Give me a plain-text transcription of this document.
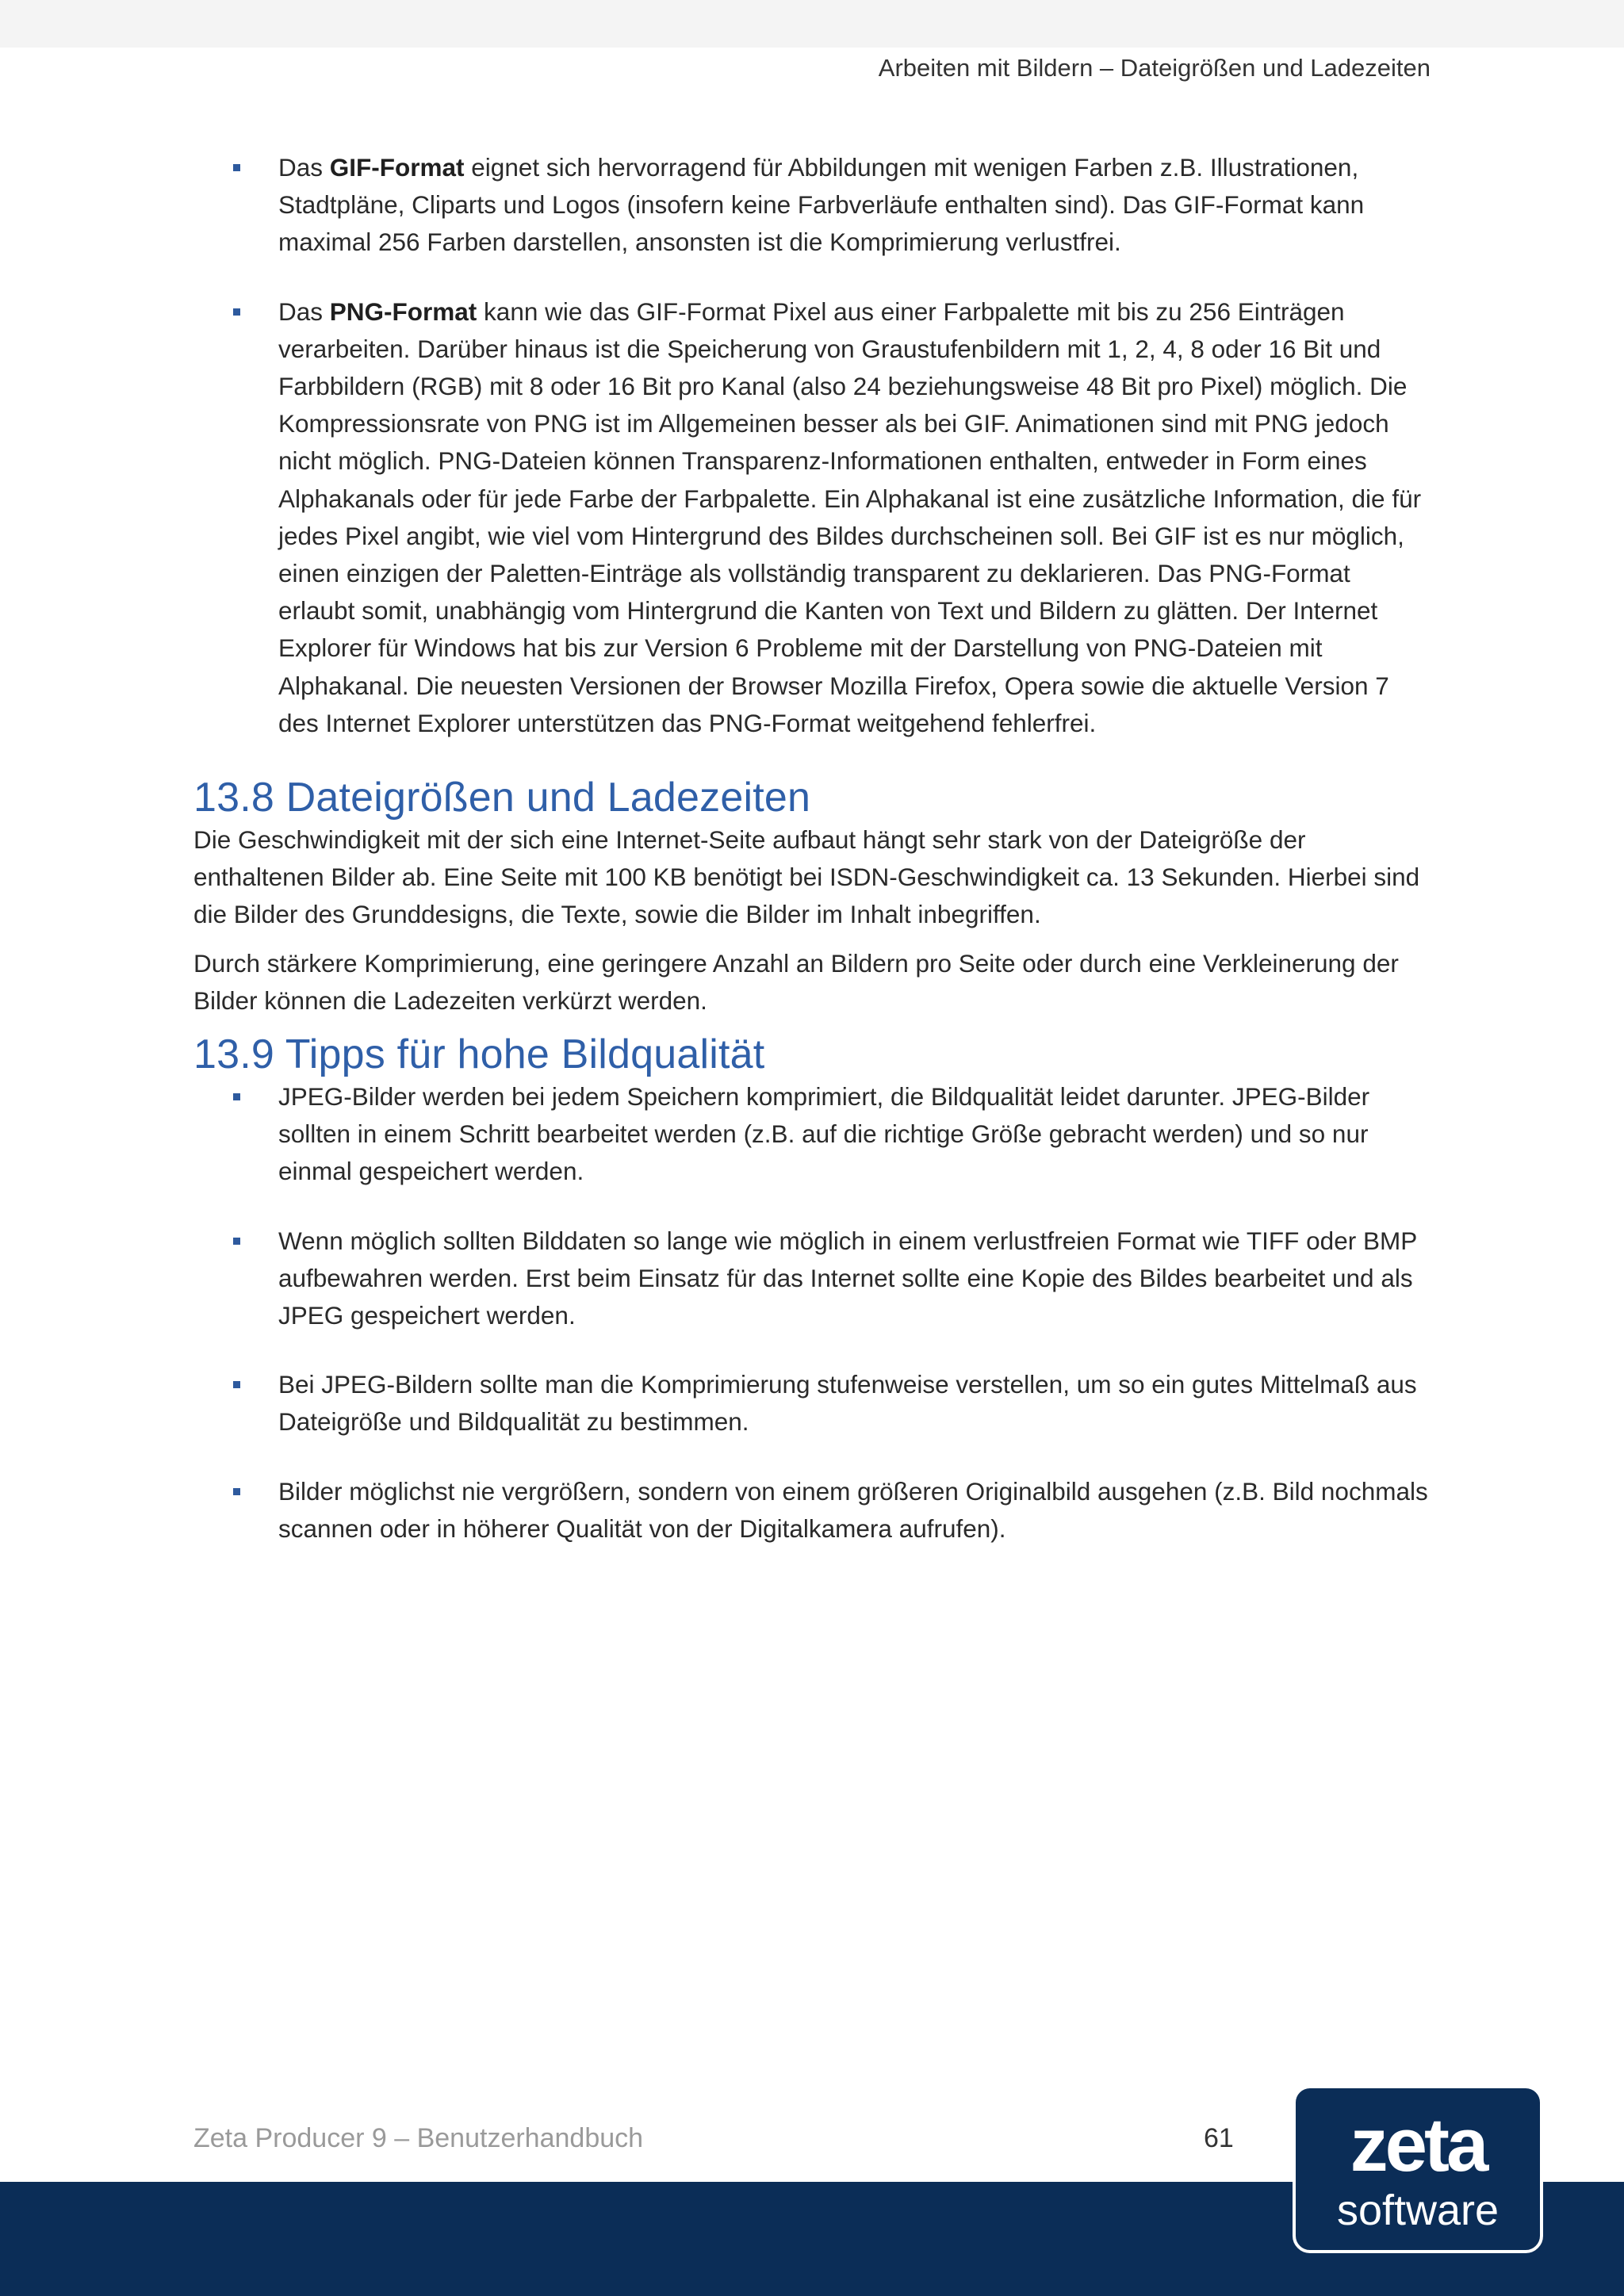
Arbeiten mit Bildern – Dateigrößen und Ladezeiten
Das GIF-Format eignet sich hervorragend für Abbildungen mit wenigen Farben z.B. Illustrationen, Stadtpläne, Cliparts und Logos (insofern keine Farbverläufe enthalten sind). Das GIF-Format kann maximal 256 Farben darstellen, ansonsten ist die Komprimierung verlustfrei.
Das PNG-Format kann wie das GIF-Format Pixel aus einer Farbpalette mit bis zu 256 Einträgen verarbeiten. Darüber hinaus ist die Speicherung von Graustufenbildern mit 1, 2, 4, 8 oder 16 Bit und Farbbildern (RGB) mit 8 oder 16 Bit pro Kanal (also 24 beziehungsweise 48 Bit pro Pixel) möglich. Die Kompressionsrate von PNG ist im Allgemeinen besser als bei GIF. Animationen sind mit PNG jedoch nicht möglich. PNG-Dateien können Transparenz-Informationen enthalten, entweder in Form eines Alphakanals oder für jede Farbe der Farbpalette. Ein Alphakanal ist eine zusätzliche Information, die für jedes Pixel angibt, wie viel vom Hintergrund des Bildes durchscheinen soll. Bei GIF ist es nur möglich, einen einzigen der Paletten-Einträge als vollständig transparent zu deklarieren. Das PNG-Format erlaubt somit, unabhängig vom Hintergrund die Kanten von Text und Bildern zu glätten. Der Internet Explorer für Windows hat bis zur Version 6 Probleme mit der Darstellung von PNG-Dateien mit Alphakanal. Die neuesten Versionen der Browser Mozilla Firefox, Opera sowie die aktuelle Version 7 des Internet Explorer unterstützen das PNG-Format weitgehend fehlerfrei.
13.8 Dateigrößen und Ladezeiten

Die Geschwindigkeit mit der sich eine Internet-Seite aufbaut hängt sehr stark von der Dateigröße der enthaltenen Bilder ab. Eine Seite mit 100 KB benötigt bei ISDN-Geschwindigkeit ca. 13 Sekunden. Hierbei sind die Bilder des Grunddesigns, die Texte, sowie die Bilder im Inhalt inbegriffen.

Durch stärkere Komprimierung, eine geringere Anzahl an Bildern pro Seite oder durch eine Verkleinerung der Bilder können die Ladezeiten verkürzt werden.

13.9 Tipps für hohe Bildqualität
JPEG-Bilder werden bei jedem Speichern komprimiert, die Bildqualität leidet darunter. JPEG-Bilder sollten in einem Schritt bearbeitet werden (z.B. auf die richtige Größe gebracht werden) und so nur einmal gespeichert werden.
Wenn möglich sollten Bilddaten so lange wie möglich in einem verlustfreien Format wie TIFF oder BMP aufbewahren werden. Erst beim Einsatz für das Internet sollte eine Kopie des Bildes bearbeitet und als JPEG gespeichert werden.
Bei JPEG-Bildern sollte man die Komprimierung stufenweise verstellen, um so ein gutes Mittelmaß aus Dateigröße und Bildqualität zu bestimmen.
Bilder möglichst nie vergrößern, sondern von einem größeren Originalbild ausgehen (z.B. Bild nochmals scannen oder in höherer Qualität von der Digitalkamera aufrufen).
Zeta Producer 9 – Benutzerhandbuch	61 zeta
software
